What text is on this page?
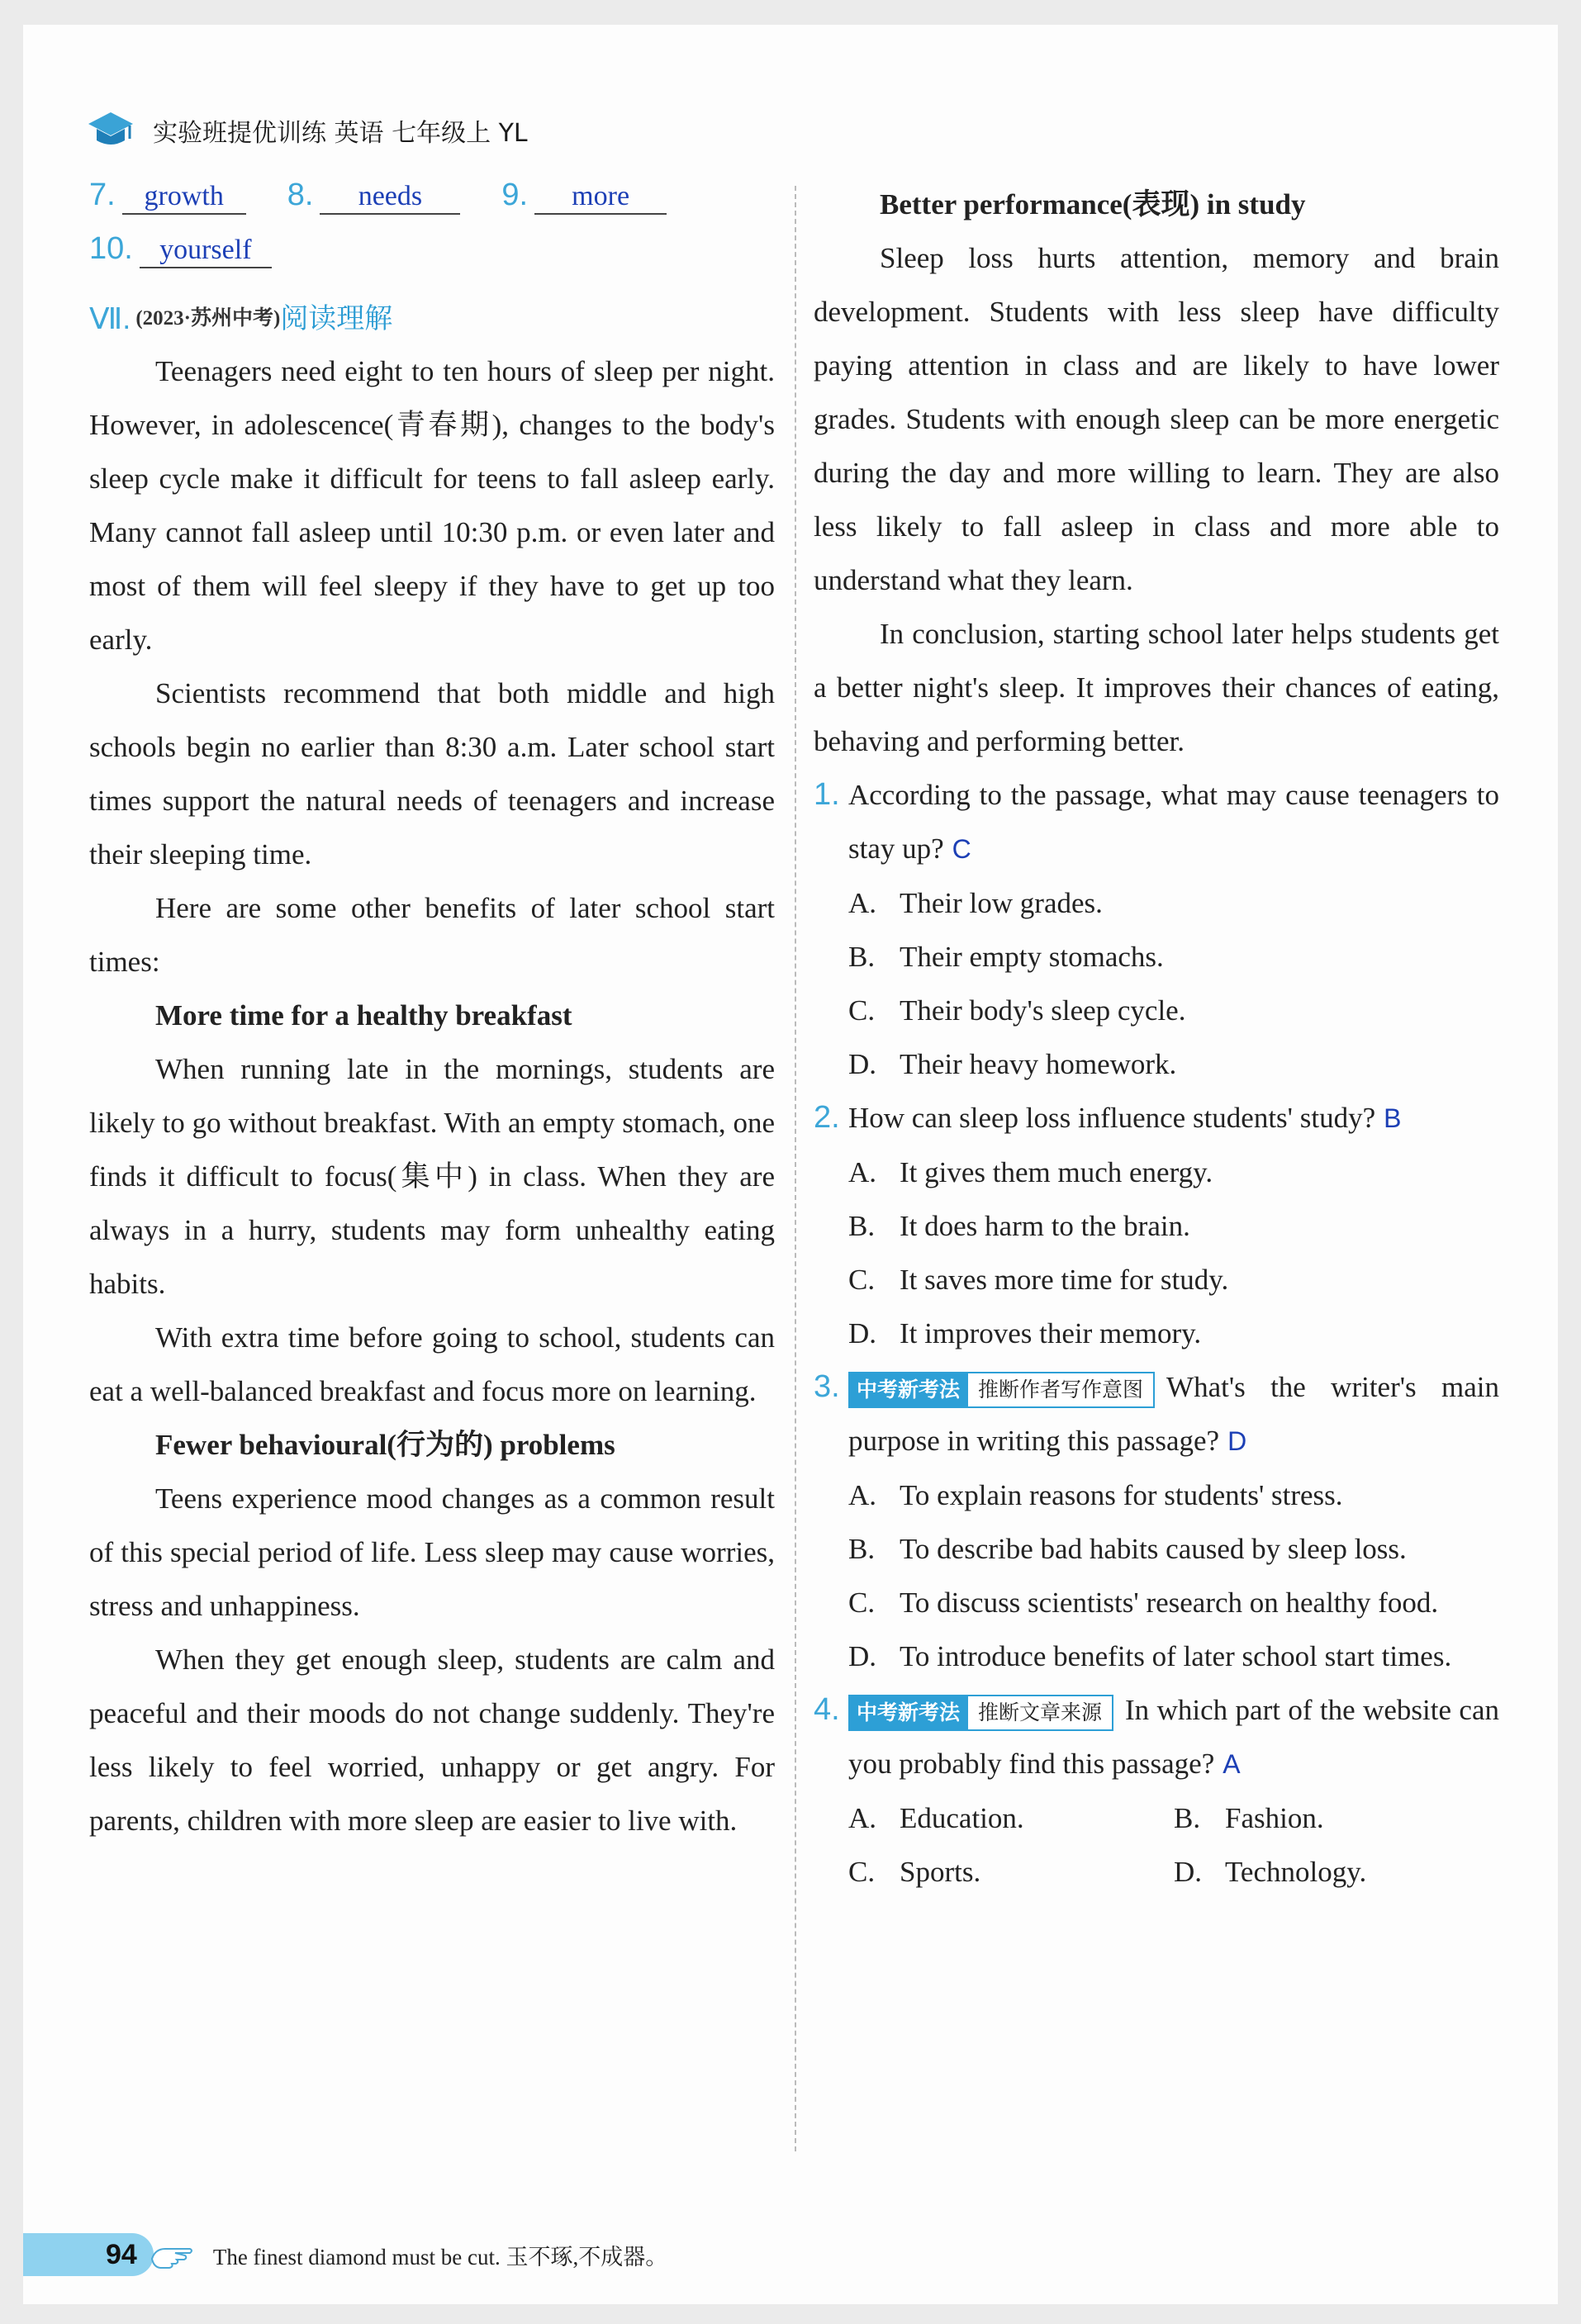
实验班提优训练 英语 七年级上 YL
7.	growth	8.	needs	9.	more
10. yourself
Ⅶ. (2023·苏州中考) 阅读理解

Teenagers need eight to ten hours of sleep per night. However, in adolescence(青春期), changes to the body's sleep cycle make it difficult for teens to fall asleep early. Many cannot fall asleep until 10:30 p.m. or even later and most of them will feel sleepy if they have to get up too early.

Scientists recommend that both middle and high schools begin no earlier than 8:30 a.m. Later school start times support the natural needs of teenagers and increase their sleeping time.

Here are some other benefits of later school start times:

More time for a healthy breakfast

When running late in the mornings, students are likely to go without breakfast. With an empty stomach, one finds it difficult to focus(集中) in class. When they are always in a hurry, students may form unhealthy eating habits.

With extra time before going to school, students can eat a well-balanced breakfast and focus more on learning.

Fewer behavioural(行为的) problems

Teens experience mood changes as a common result of this special period of life. Less sleep may cause worries, stress and unhappiness.

When they get enough sleep, students are calm and peaceful and their moods do not change suddenly. They're less likely to feel worried, unhappy or get angry. For parents, children with more sleep are easier to live with.

Better performance(表现) in study

Sleep loss hurts attention, memory and brain development. Students with less sleep have difficulty paying attention in class and are likely to have lower grades. Students with enough sleep can be more energetic during the day and more willing to learn. They are also less likely to fall asleep in class and more able to understand what they learn.

In conclusion, starting school later helps students get a better night's sleep. It improves their chances of eating, behaving and performing better.

1. According to the passage, what may cause teenagers to stay up? C
A. Their low grades.
B. Their empty stomachs.
C. Their body's sleep cycle.
D. Their heavy homework.
2. How can sleep loss influence students' study? B
A. It gives them much energy.
B. It does harm to the brain.
C. It saves more time for study.
D. It improves their memory.
3. 中考新考法 推断作者写作意图 What's the writer's main purpose in writing this passage? D
A. To explain reasons for students' stress.
B. To describe bad habits caused by sleep loss.
C. To discuss scientists' research on healthy food.
D. To introduce benefits of later school start times.
4. 中考新考法 推断文章来源 In which part of the website can you probably find this passage? A
A. Education.	B. Fashion.
C. Sports.	D. Technology.
94	The finest diamond must be cut. 玉不琢,不成器。
